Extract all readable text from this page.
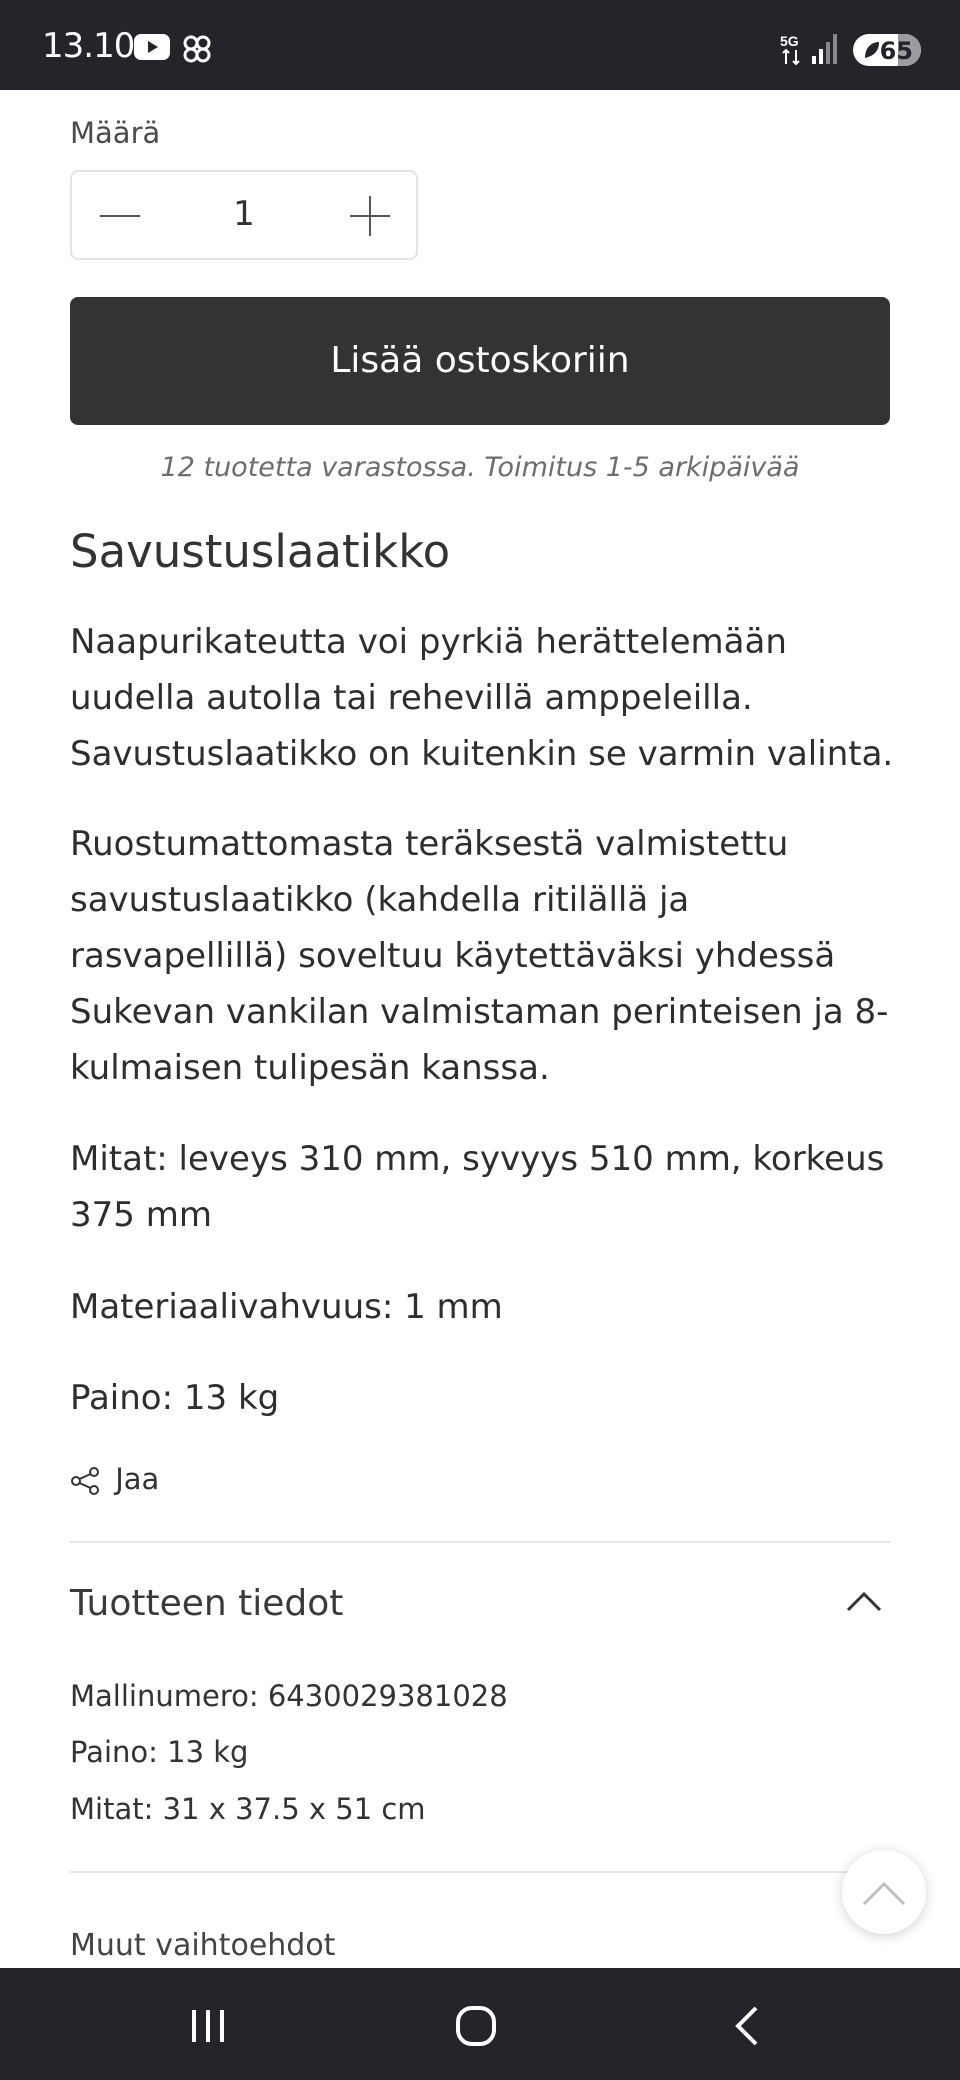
13.10	5G	65
Määrä
1
Lisää ostoskoriin
12 tuotetta varastossa. Toimitus 1-5 arkipäivää
Savustuslaatikko

Naapurikateutta voi pyrkiä herättelemään uudella autolla tai rehevillä amppeleilla. Savustuslaatikko on kuitenkin se varmin valinta.

Ruostumattomasta teräksestä valmistettu savustuslaatikko (kahdella ritilällä ja rasvapellillä) soveltuu käytettäväksi yhdessä Sukevan vankilan valmistaman perinteisen ja 8-kulmaisen tulipesän kanssa.

Mitat: leveys 310 mm, syvyys 510 mm, korkeus 375 mm

Materiaalivahvuus: 1 mm

Paino: 13 kg

Jaa
Tuotteen tiedot
Mallinumero: 6430029381028
Paino: 13 kg
Mitat: 31 x 37.5 x 51 cm
Muut vaihtoehdot
